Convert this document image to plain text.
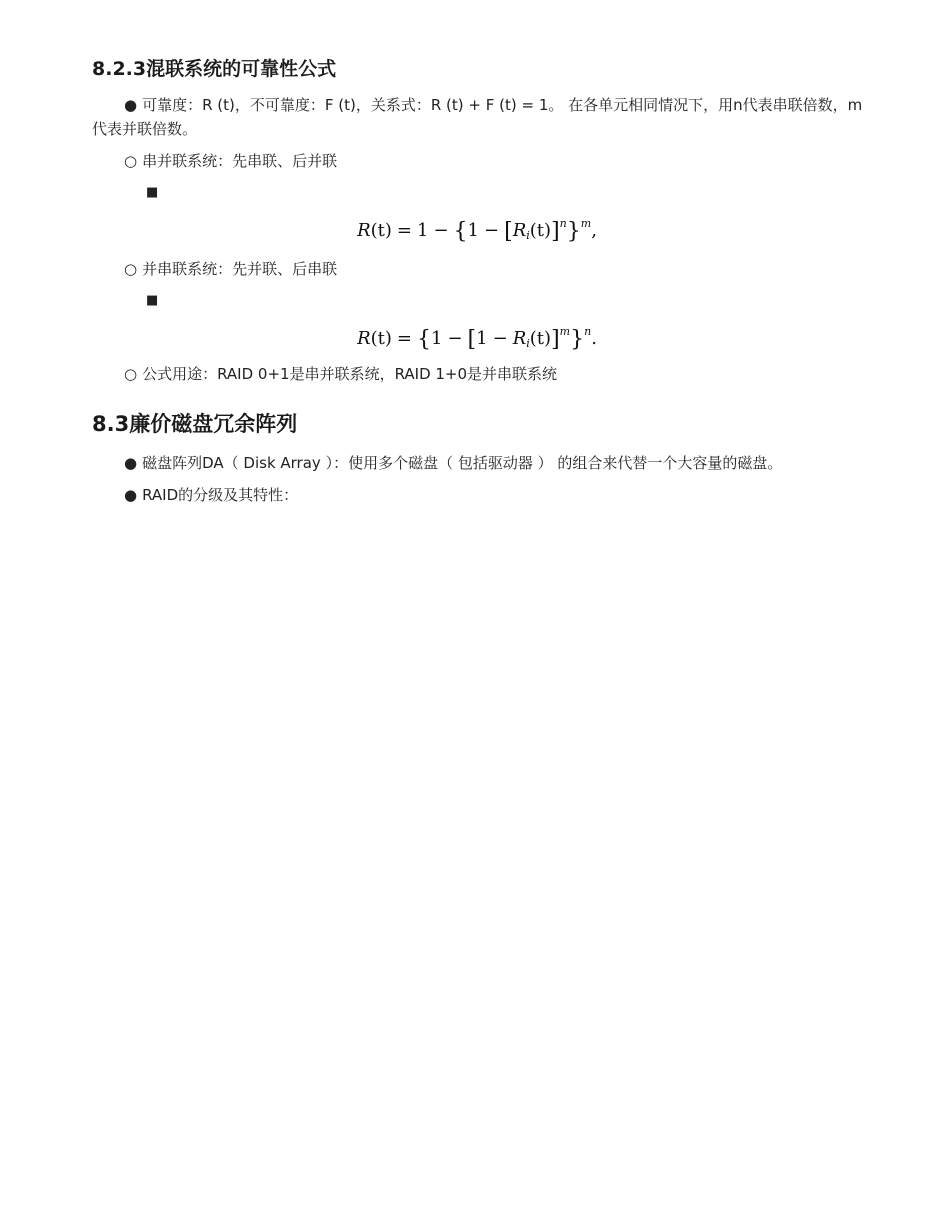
8.2.3混联系统的可靠性公式
● 可靠度：R (t)，不可靠度：F (t)，关系式：R (t) + F (t) = 1。 在各单元相同情况下，用n代表串联倍数，m
代表并联倍数。
○ 串并联系统：先串联、后并联
■
$R(t) = 1 - \{1 - [R_i(t)]^n\}^m$,
○ 并串联系统：先并联、后串联
■
$R(t) = \{1 - [1 - R_i(t)]^m\}^n$.
○ 公式用途：RAID 0+1是串并联系统，RAID 1+0是并串联系统
8.3廉价磁盘冗余阵列
● 磁盘阵列DA（ Disk Array ）：使用多个磁盘（ 包括驱动器 ） 的组合来代替一个大容量的磁盘。
● RAID的分级及其特性：
